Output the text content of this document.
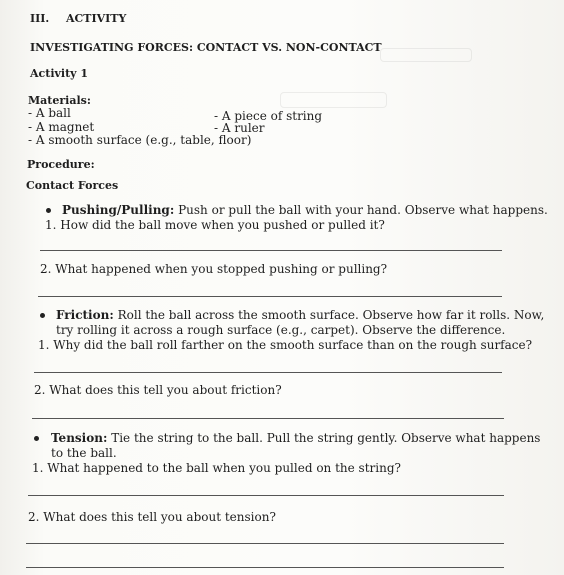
III. ACTIVITY
INVESTIGATING FORCES: CONTACT VS. NON-CONTACT
Activity 1
Materials:
- A ball
- A magnet
- A smooth surface (e.g., table, floor)
- A piece of string
- A ruler
Procedure:
Contact Forces
Pushing/Pulling: Push or pull the ball with your hand. Observe what happens.
1. How did the ball move when you pushed or pulled it?
2. What happened when you stopped pushing or pulling?
Friction: Roll the ball across the smooth surface. Observe how far it rolls. Now,
try rolling it across a rough surface (e.g., carpet). Observe the difference.
1. Why did the ball roll farther on the smooth surface than on the rough surface?
2. What does this tell you about friction?
Tension: Tie the string to the ball. Pull the string gently. Observe what happens
to the ball.
1. What happened to the ball when you pulled on the string?
2. What does this tell you about tension?
